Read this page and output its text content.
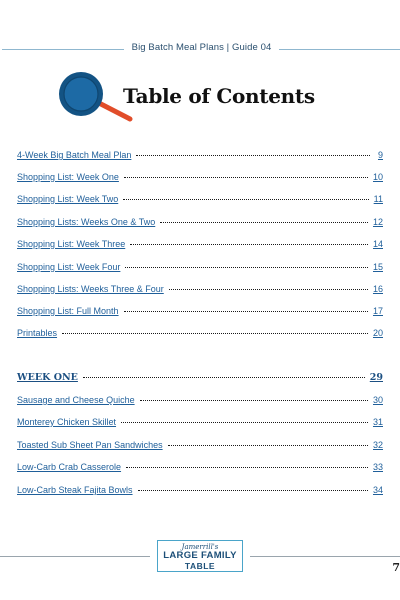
Big Batch Meal Plans | Guide 04
Table of Contents
4-Week Big Batch Meal Plan	9
Shopping List: Week One	10
Shopping List: Week Two	11
Shopping Lists: Weeks One & Two	12
Shopping List: Week Three	14
Shopping List: Week Four	15
Shopping Lists: Weeks Three & Four	16
Shopping List: Full Month	17
Printables	20
WEEK ONE	29
Sausage and Cheese Quiche	30
Monterey Chicken Skillet	31
Toasted Sub Sheet Pan Sandwiches	32
Low-Carb Crab Casserole	33
Low-Carb Steak Fajita Bowls	34
Jamerrill's
LARGE FAMILY
TABLE	7
